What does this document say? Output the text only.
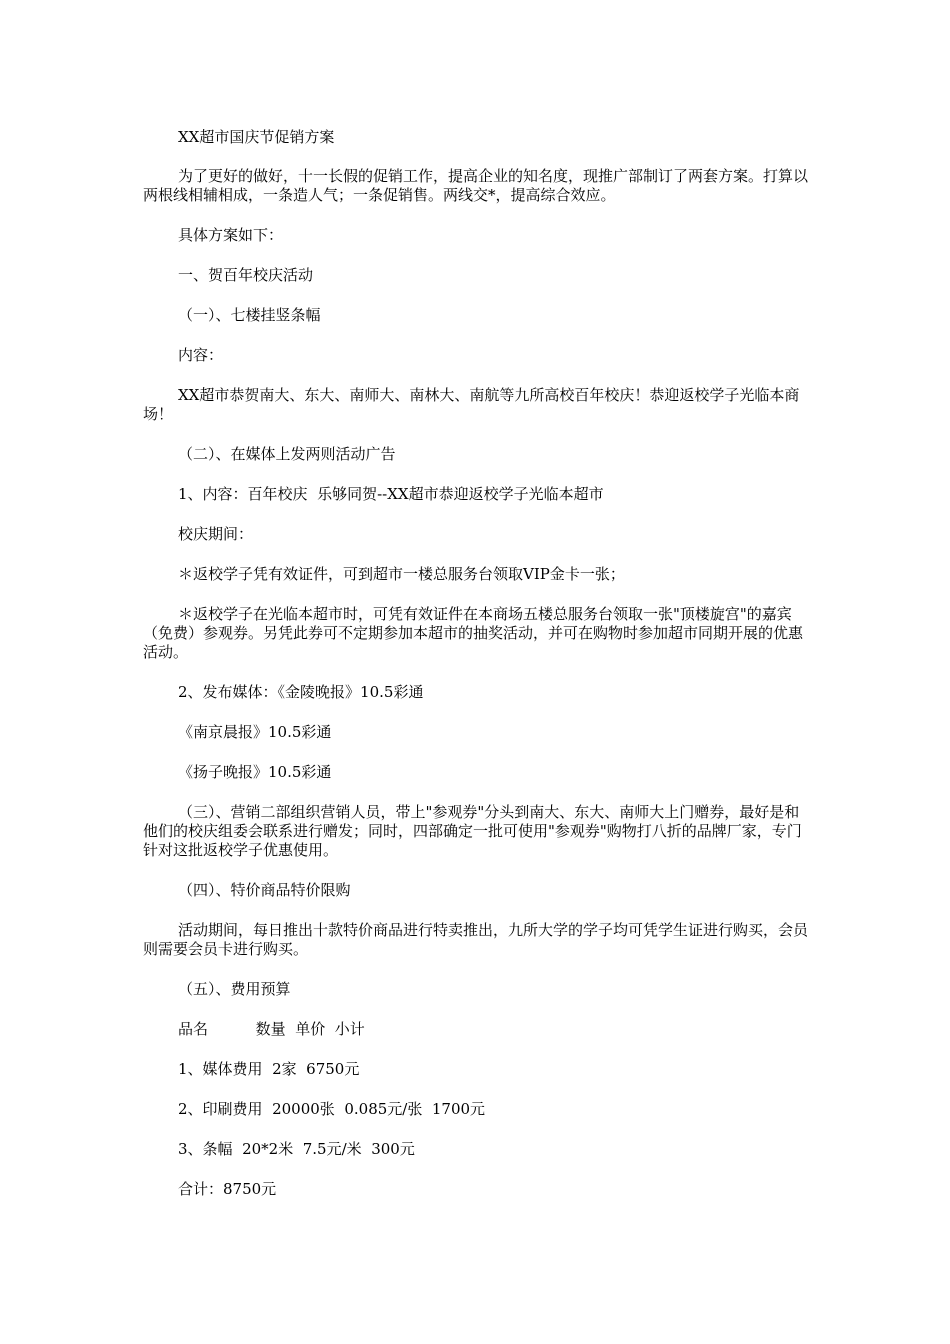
XX超市国庆节促销方案

为了更好的做好，十一长假的促销工作，提高企业的知名度，现推广部制订了两套方案。打算以两根线相辅相成，一条造人气；一条促销售。两线交*，提高综合效应。

具体方案如下：

一、贺百年校庆活动

（一）、七楼挂竖条幅

内容：

XX超市恭贺南大、东大、南师大、南林大、南航等九所高校百年校庆！恭迎返校学子光临本商场！

（二）、在媒体上发两则活动广告

1、内容：百年校庆  乐够同贺--XX超市恭迎返校学子光临本超市

校庆期间：

＊返校学子凭有效证件，可到超市一楼总服务台领取VIP金卡一张；

＊返校学子在光临本超市时，可凭有效证件在本商场五楼总服务台领取一张"顶楼旋宫"的嘉宾（免费）参观券。另凭此券可不定期参加本超市的抽奖活动，并可在购物时参加超市同期开展的优惠活动。

2、发布媒体：《金陵晚报》10.5彩通

《南京晨报》10.5彩通

《扬子晚报》10.5彩通

（三）、营销二部组织营销人员，带上"参观券"分头到南大、东大、南师大上门赠券，最好是和他们的校庆组委会联系进行赠发；同时，四部确定一批可使用"参观券"购物打八折的品牌厂家，专门针对这批返校学子优惠使用。

（四）、特价商品特价限购

活动期间，每日推出十款特价商品进行特卖推出，九所大学的学子均可凭学生证进行购买，会员则需要会员卡进行购买。

（五）、费用预算

品名          数量  单价  小计

1、媒体费用  2家  6750元

2、印刷费用  20000张  0.085元/张  1700元

3、条幅  20*2米  7.5元/米  300元

合计：8750元
